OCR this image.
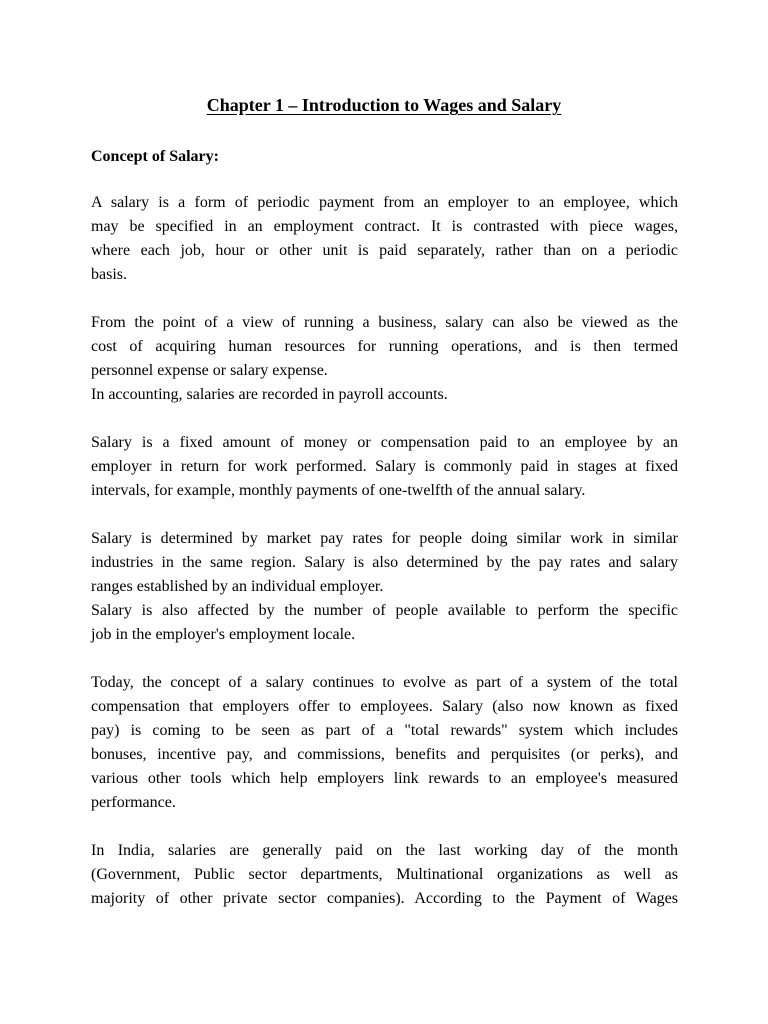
Chapter 1 – Introduction to Wages and Salary
Concept of Salary:
A salary is a form of periodic payment from an employer to an employee, which
may be specified in an employment contract. It is contrasted with piece wages,
where each job, hour or other unit is paid separately, rather than on a periodic
basis.
From the point of a view of running a business, salary can also be viewed as the
cost of acquiring human resources for running operations, and is then termed
personnel expense or salary expense.
In accounting, salaries are recorded in payroll accounts.
Salary is a fixed amount of money or compensation paid to an employee by an
employer in return for work performed. Salary is commonly paid in stages at fixed
intervals, for example, monthly payments of one-twelfth of the annual salary.
Salary is determined by market pay rates for people doing similar work in similar
industries in the same region. Salary is also determined by the pay rates and salary
ranges established by an individual employer.
Salary is also affected by the number of people available to perform the specific
job in the employer's employment locale.
Today, the concept of a salary continues to evolve as part of a system of the total
compensation that employers offer to employees. Salary (also now known as fixed
pay) is coming to be seen as part of a "total rewards" system which includes
bonuses, incentive pay, and commissions, benefits and perquisites (or perks), and
various other tools which help employers link rewards to an employee's measured
performance.
In India, salaries are generally paid on the last working day of the month
(Government, Public sector departments, Multinational organizations as well as
majority of other private sector companies). According to the Payment of Wages
